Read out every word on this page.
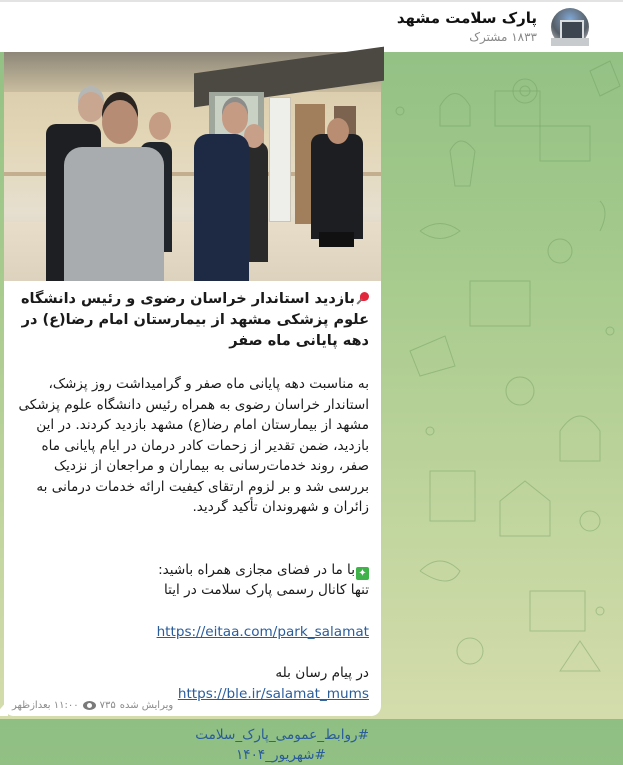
پارک سلامت مشهد
۱۸۳۳ مشترک
بازدید استاندار خراسان رضوی و رئیس دانشگاه علوم پزشکی مشهد از بیمارستان امام رضا(ع) در دهه پایانی ماه صفر
به مناسبت دهه پایانی ماه صفر و گرامیداشت روز پزشک، استاندار خراسان رضوی به همراه رئیس دانشگاه علوم پزشکی مشهد از بیمارستان امام رضا(ع) مشهد بازدید کردند. در این بازدید، ضمن تقدیر از زحمات کادر درمان در ایام پایانی ماه صفر، روند خدمات‌رسانی به بیماران و مراجعان از نزدیک بررسی شد و بر لزوم ارتقای کیفیت ارائه خدمات درمانی به زائران و شهروندان تأکید گردید.
✦با ما در فضای مجازی همراه باشید:
تنها کانال رسمی پارک سلامت در ایتا
https://eitaa.com/park_salamat
در پیام رسان بله
https://ble.ir/salamat_mums
#روابط_عمومی_پارک_سلامت
#شهریور_۱۴۰۴
ویرایش شده
۷۳۵
۱۱:۰۰ بعدازظهر
